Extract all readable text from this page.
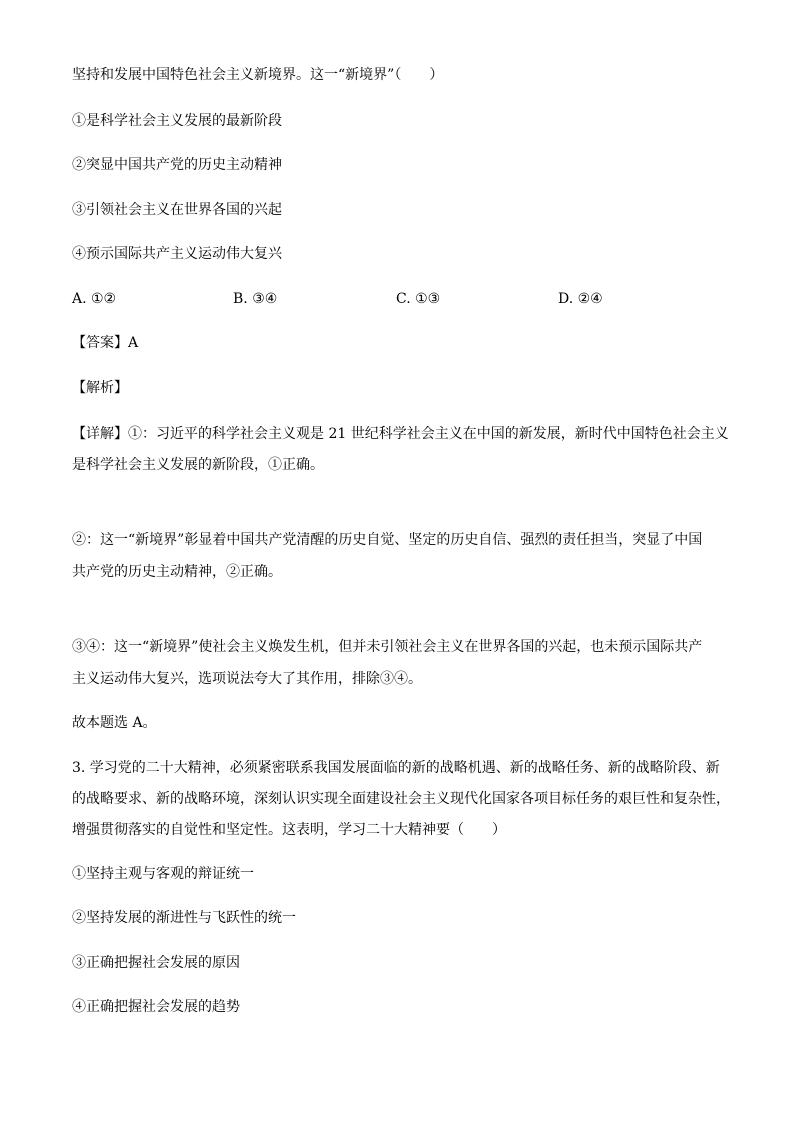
坚持和发展中国特色社会主义新境界。这一“新境界”（　　）
①是科学社会主义发展的最新阶段
②突显中国共产党的历史主动精神
③引领社会主义在世界各国的兴起
④预示国际共产主义运动伟大复兴
A. ①②	B. ③④	C. ①③	D. ②④
【答案】A
【解析】
【详解】①：习近平的科学社会主义观是 21 世纪科学社会主义在中国的新发展，新时代中国特色社会主义
是科学社会主义发展的新阶段，①正确。
②：这一“新境界”彰显着中国共产党清醒的历史自觉、坚定的历史自信、强烈的责任担当，突显了中国
共产党的历史主动精神，②正确。
③④：这一“新境界”使社会主义焕发生机，但并未引领社会主义在世界各国的兴起，也未预示国际共产
主义运动伟大复兴，选项说法夸大了其作用，排除③④。
故本题选 A。
3. 学习党的二十大精神，必须紧密联系我国发展面临的新的战略机遇、新的战略任务、新的战略阶段、新
的战略要求、新的战略环境，深刻认识实现全面建设社会主义现代化国家各项目标任务的艰巨性和复杂性，
增强贯彻落实的自觉性和坚定性。这表明，学习二十大精神要（　　）
①坚持主观与客观的辩证统一
②坚持发展的渐进性与飞跃性的统一
③正确把握社会发展的原因
④正确把握社会发展的趋势
